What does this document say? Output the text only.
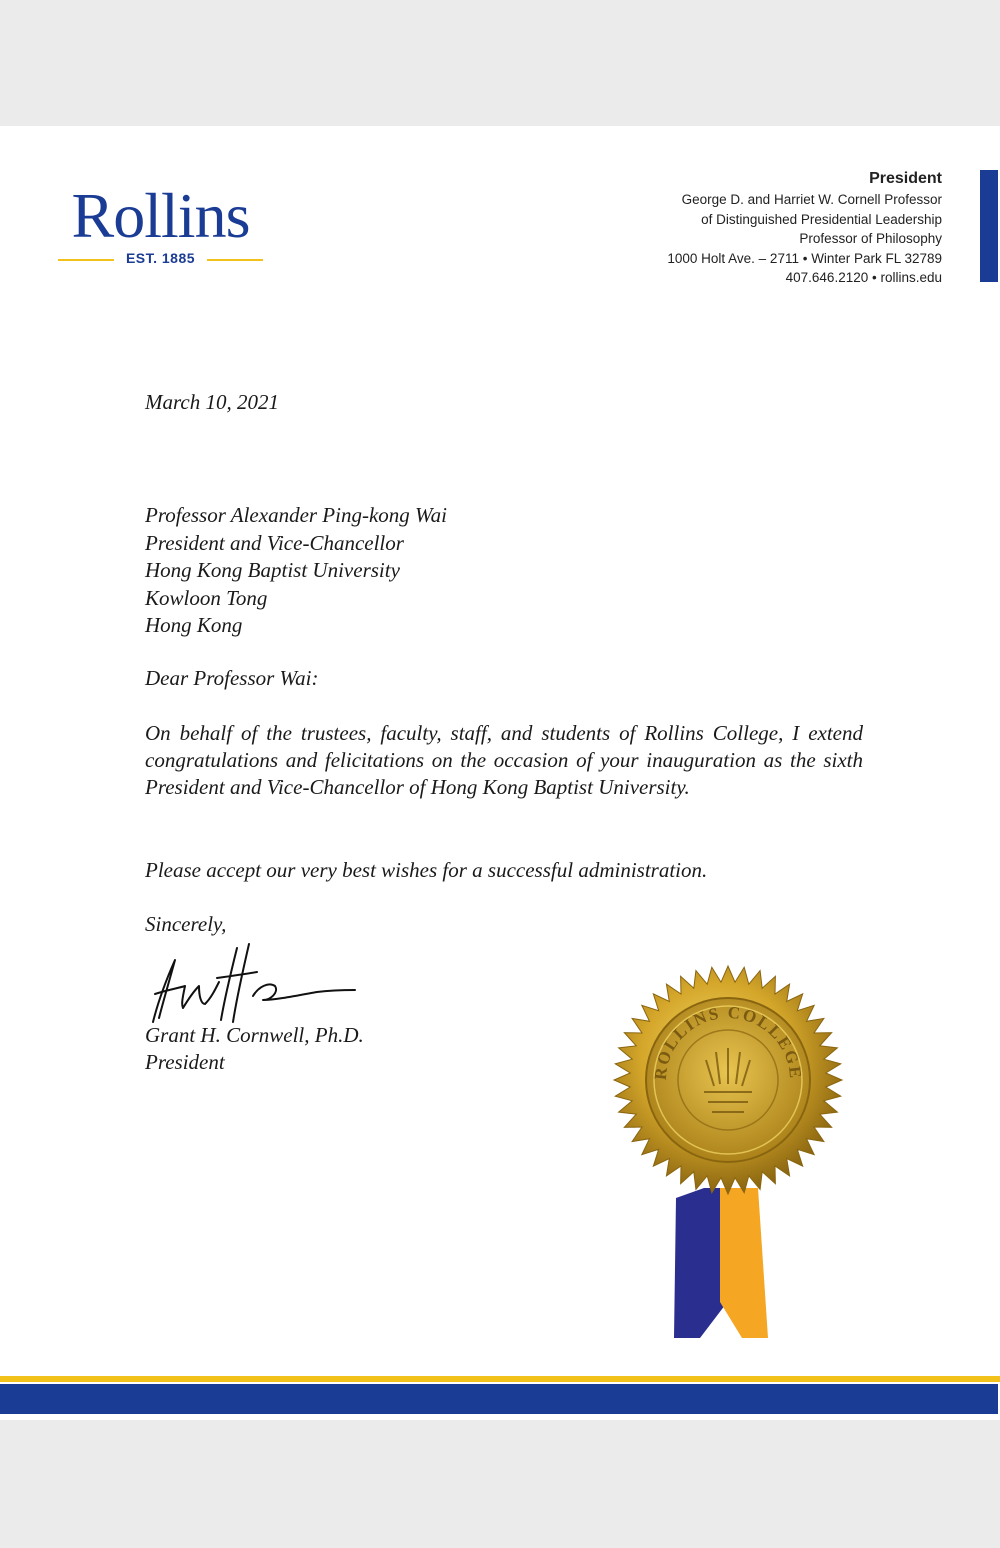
Rollins
EST. 1885
President
George D. and Harriet W. Cornell Professor
of Distinguished Presidential Leadership
Professor of Philosophy
1000 Holt Ave. – 2711 • Winter Park FL 32789
407.646.2120 • rollins.edu
March 10, 2021
Professor Alexander Ping-kong Wai
President and Vice-Chancellor
Hong Kong Baptist University
Kowloon Tong
Hong Kong
Dear Professor Wai:
On behalf of the trustees, faculty, staff, and students of Rollins College, I extend congratulations and felicitations on the occasion of your inauguration as the sixth President and Vice-Chancellor of Hong Kong Baptist University.
Please accept our very best wishes for a successful administration.
Sincerely,
Grant H. Cornwell, Ph.D.
President	ROLLINS COLLEGE
